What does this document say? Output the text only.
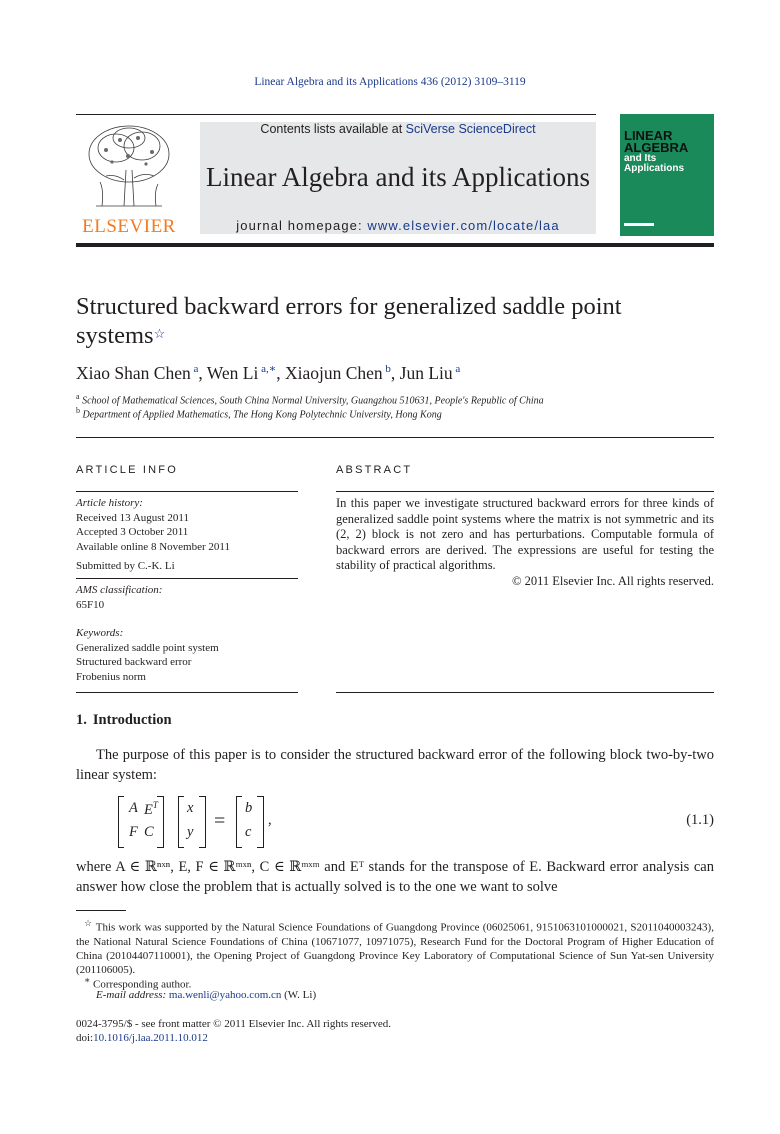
Linear Algebra and its Applications 436 (2012) 3109–3119
ELSEVIER
Contents lists available at SciVerse ScienceDirect
Linear Algebra and its Applications
journal homepage: www.elsevier.com/locate/laa
LINEAR
ALGEBRA
and Its
Applications
Structured backward errors for generalized saddle point
systems☆
Xiao Shan Chen $^a$, Wen Li $^{a,∗}$, Xiaojun Chen $^b$, Jun Liu $^a$
$^a$ School of Mathematical Sciences, South China Normal University, Guangzhou 510631, People's Republic of China
$^b$ Department of Applied Mathematics, The Hong Kong Polytechnic University, Hong Kong
ARTICLE INFO
Article history:
Received 13 August 2011
Accepted 3 October 2011
Available online 8 November 2011
Submitted by C.-K. Li
AMS classification:
65F10
Keywords:
Generalized saddle point system
Structured backward error
Frobenius norm
ABSTRACT
In this paper we investigate structured backward errors for three kinds of generalized saddle point systems where the matrix is not symmetric and its (2, 2) block is not zero and has perturbations. Computable formula of backward errors are derived. The expressions are useful for testing the stability of practical algorithms.
© 2011 Elsevier Inc. All rights reserved.
1. Introduction
The purpose of this paper is to consider the structured backward error of the following block two-by-two linear system:
A $E^T$
F C
x
y =
b
c
,	(1.1)
where A ∈ ℝⁿˣⁿ, E, F ∈ ℝᵐˣⁿ, C ∈ ℝᵐˣᵐ and Eᵀ stands for the transpose of E. Backward error analysis can answer how close the problem that is actually solved is to the one we want to solve
☆ This work was supported by the Natural Science Foundations of Guangdong Province (06025061, 9151063101000021, S2011040003243), the National Natural Science Foundations of China (10671077, 10971075), Research Fund for the Doctoral Program of Higher Education of China (20104407110001), the Opening Project of Guangdong Province Key Laboratory of Computational Science of Sun Yat-sen University (201106005).
∗ Corresponding author.
E-mail address: ma.wenli@yahoo.com.cn (W. Li)
0024-3795/$ - see front matter © 2011 Elsevier Inc. All rights reserved.
doi:10.1016/j.laa.2011.10.012
